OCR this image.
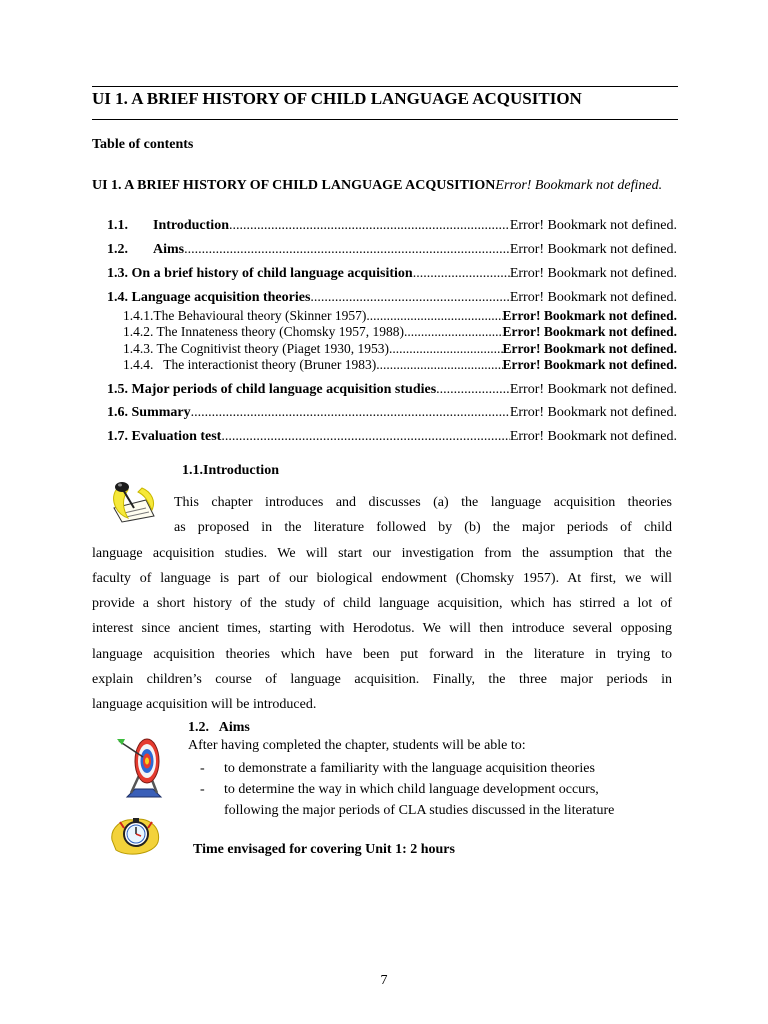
UI 1. A BRIEF HISTORY OF CHILD LANGUAGE ACQUSITION
Table of contents
UI 1. A BRIEF HISTORY OF CHILD LANGUAGE ACQUSITIONError! Bookmark not defined.
1.1. Introduction .....	Error! Bookmark not defined.
1.2. Aims .....	Error! Bookmark not defined.
1.3. On a brief history of child language acquisition .....	Error! Bookmark not defined.
1.4. Language acquisition theories .....	Error! Bookmark not defined.
1.4.1.The Behavioural theory (Skinner 1957) .....	Error! Bookmark not defined.
1.4.2. The Innateness theory (Chomsky 1957, 1988) .....	Error! Bookmark not defined.
1.4.3. The Cognitivist theory (Piaget 1930, 1953) .....	Error! Bookmark not defined.
1.4.4.   The interactionist theory (Bruner 1983) .....	Error! Bookmark not defined.
1.5. Major periods of child language acquisition studies .....	Error! Bookmark not defined.
1.6. Summary .....	Error! Bookmark not defined.
1.7. Evaluation test .....	Error! Bookmark not defined.
1.1.Introduction
This chapter introduces and discusses (a) the language acquisition theories
as proposed in the literature followed by (b) the major periods of child
language acquisition studies. We will start our investigation from the assumption that the
faculty of language is part of our biological endowment (Chomsky 1957). At first, we will
provide a short history of the study of child language acquisition, which has stirred a lot of
interest since ancient times, starting with Herodotus. We will then introduce several opposing
language acquisition theories which have been put forward in the literature in trying to
explain children’s course of language acquisition. Finally, the three major periods in
language acquisition will be introduced.
1.2.   Aims
After having completed the chapter, students will be able to:
- to demonstrate a familiarity with the language acquisition theories
- to determine the way in which child language development occurs,
following the major periods of CLA studies discussed in the literature
Time envisaged for covering Unit 1: 2 hours
7
